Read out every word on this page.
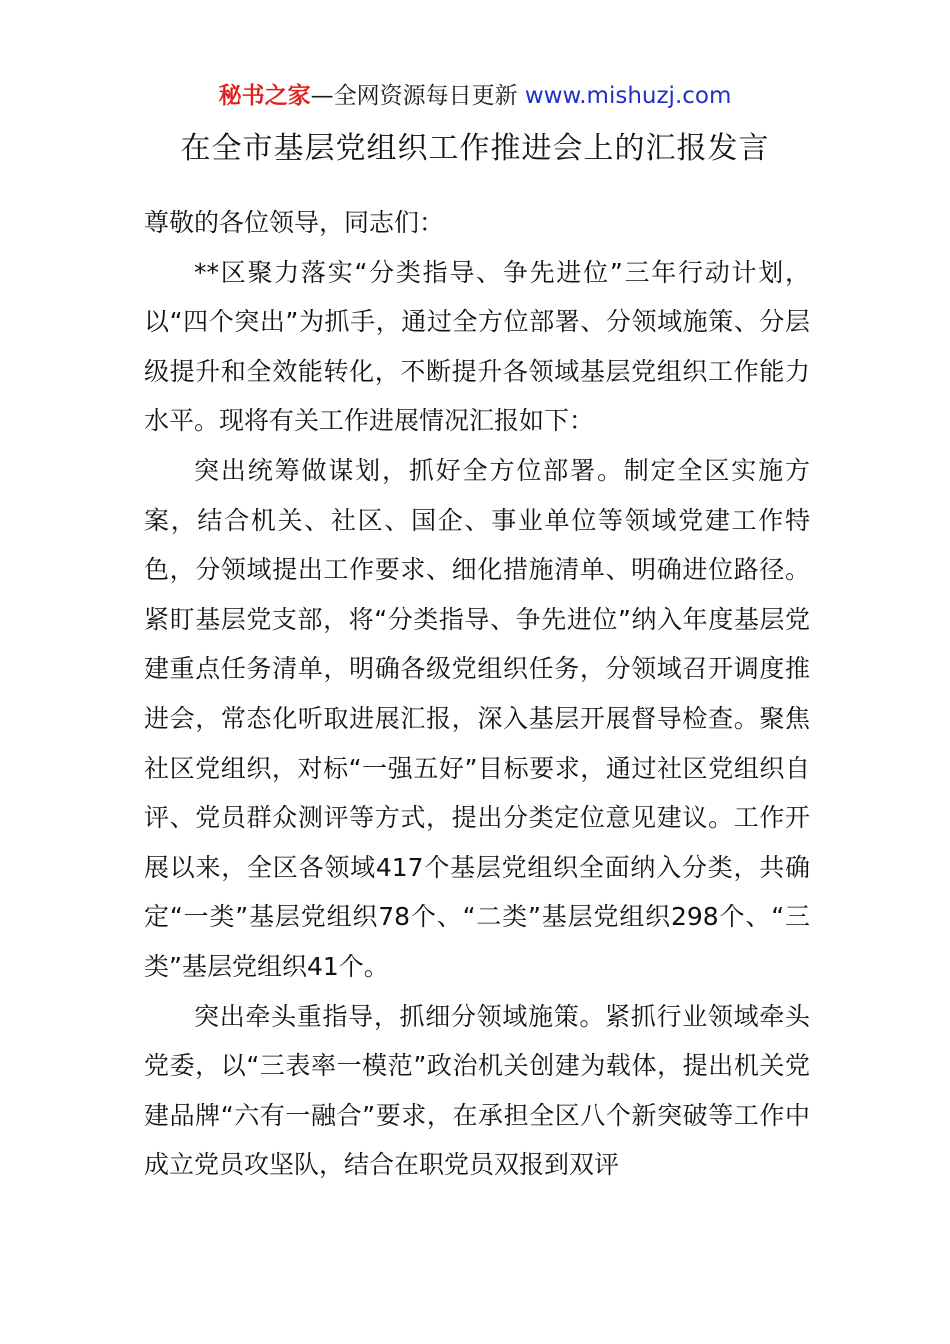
秘书之家—全网资源每日更新 www.mishuzj.com
在全市基层党组织工作推进会上的汇报发言

尊敬的各位领导，同志们：

**区聚力落实“分类指导、争先进位”三年行动计划，以“四个突出”为抓手，通过全方位部署、分领域施策、分层级提升和全效能转化，不断提升各领域基层党组织工作能力水平。现将有关工作进展情况汇报如下：

突出统筹做谋划，抓好全方位部署。制定全区实施方案，结合机关、社区、国企、事业单位等领域党建工作特色，分领域提出工作要求、细化措施清单、明确进位路径。紧盯基层党支部，将“分类指导、争先进位”纳入年度基层党建重点任务清单，明确各级党组织任务，分领域召开调度推进会，常态化听取进展汇报，深入基层开展督导检查。聚焦社区党组织，对标“一强五好”目标要求，通过社区党组织自评、党员群众测评等方式，提出分类定位意见建议。工作开展以来，全区各领域417个基层党组织全面纳入分类，共确定“一类”基层党组织78个、“二类”基层党组织298个、“三类”基层党组织41个。

突出牵头重指导，抓细分领域施策。紧抓行业领域牵头党委，以“三表率一模范”政治机关创建为载体，提出机关党建品牌“六有一融合”要求，在承担全区八个新突破等工作中成立党员攻坚队，结合在职党员双报到双评
